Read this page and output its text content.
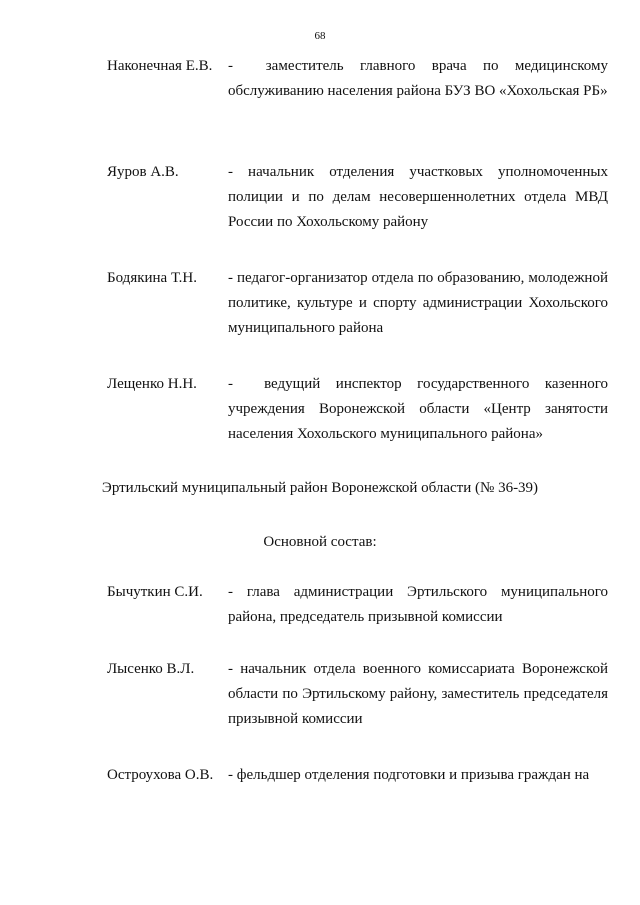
68
Наконечная Е.В. -  заместитель главного врача по медицинскому обслуживанию населения района БУЗ ВО «Хохольская РБ»
Яуров А.В.	- начальник отделения участковых уполномоченных полиции и по делам несовершеннолетних отдела МВД России по Хохольскому району
Бодякина Т.Н. - педагог-организатор отдела по образованию, молодежной политике, культуре и спорту администрации Хохольского муниципального района
Лещенко Н.Н. -  ведущий инспектор государственного казенного учреждения Воронежской области «Центр занятости населения Хохольского муниципального района»
Эртильский муниципальный район Воронежской области (№ 36-39)
Основной состав:
Бычуткин С.И. - глава администрации Эртильского муниципального района, председатель призывной комиссии
Лысенко В.Л. - начальник отдела военного комиссариата Воронежской области по Эртильскому району, заместитель председателя призывной комиссии
Остроухова О.В. - фельдшер отделения подготовки и призыва граждан на
